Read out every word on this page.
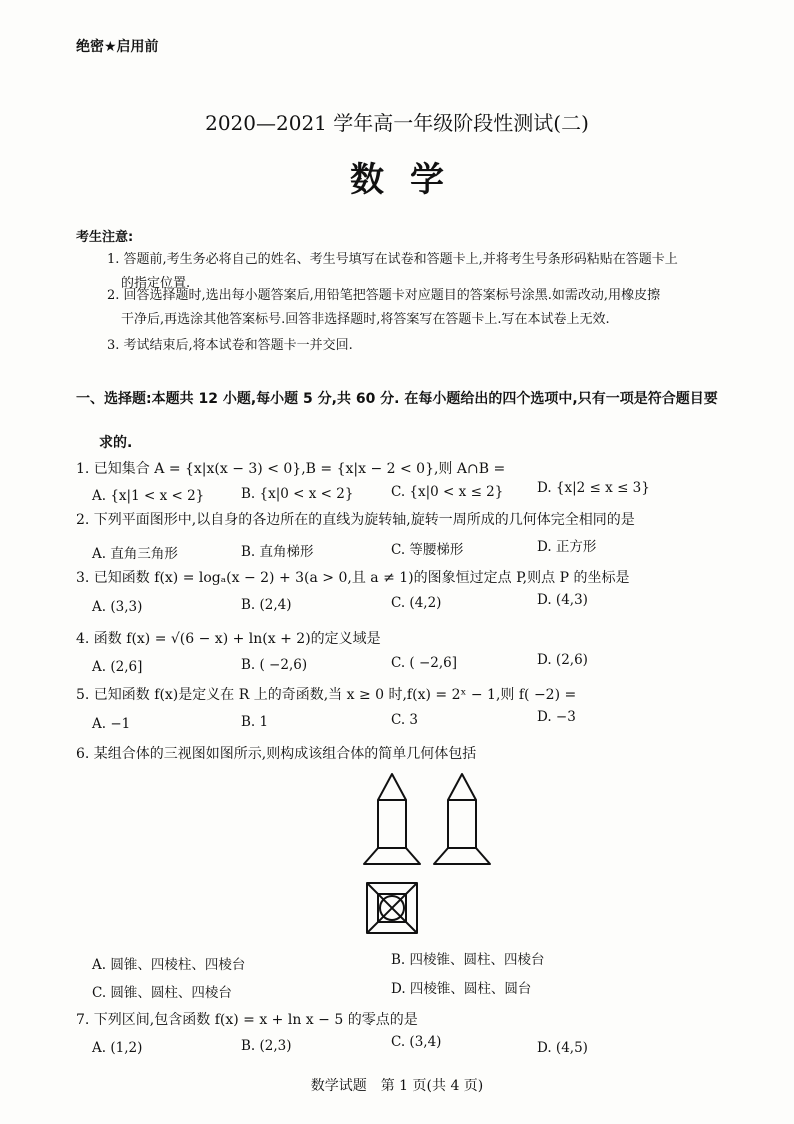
绝密★启用前
2020—2021 学年高一年级阶段性测试(二)
数学
考生注意:
1. 答题前,考生务必将自己的姓名、考生号填写在试卷和答题卡上,并将考生号条形码粘贴在答题卡上
的指定位置.
2. 回答选择题时,选出每小题答案后,用铅笔把答题卡对应题目的答案标号涂黑.如需改动,用橡皮擦
干净后,再选涂其他答案标号.回答非选择题时,将答案写在答题卡上.写在本试卷上无效.
3. 考试结束后,将本试卷和答题卡一并交回.
一、选择题:本题共 12 小题,每小题 5 分,共 60 分. 在每小题给出的四个选项中,只有一项是符合题目要
求的.
1. 已知集合 A = {x|x(x − 3) < 0},B = {x|x − 2 < 0},则 A∩B =
A. {x|1 < x < 2}	B. {x|0 < x < 2}	C. {x|0 < x ≤ 2} D. {x|2 ≤ x ≤ 3}
2. 下列平面图形中,以自身的各边所在的直线为旋转轴,旋转一周所成的几何体完全相同的是
A. 直角三角形	B. 直角梯形	C. 等腰梯形	D. 正方形
3. 已知函数 f(x) = logₐ(x − 2) + 3(a > 0,且 a ≠ 1)的图象恒过定点 P,则点 P 的坐标是
A. (3,3)	B. (2,4)	C. (4,2)	D. (4,3)
4. 函数 f(x) = √(6 − x) + ln(x + 2)的定义域是
A. (2,6]	B. ( −2,6)	C. ( −2,6]	D. (2,6)
5. 已知函数 f(x)是定义在 R 上的奇函数,当 x ≥ 0 时,f(x) = 2ˣ − 1,则 f( −2) =
A. −1	B. 1	C. 3	D. −3
6. 某组合体的三视图如图所示,则构成该组合体的简单几何体包括
A. 圆锥、四棱柱、四棱台	B. 四棱锥、圆柱、四棱台
C. 圆锥、圆柱、四棱台	D. 四棱锥、圆柱、圆台
7. 下列区间,包含函数 f(x) = x + ln x − 5 的零点的是
A. (1,2)	B. (2,3)	C. (3,4)	D. (4,5)
数学试题　第 1 页(共 4 页)
